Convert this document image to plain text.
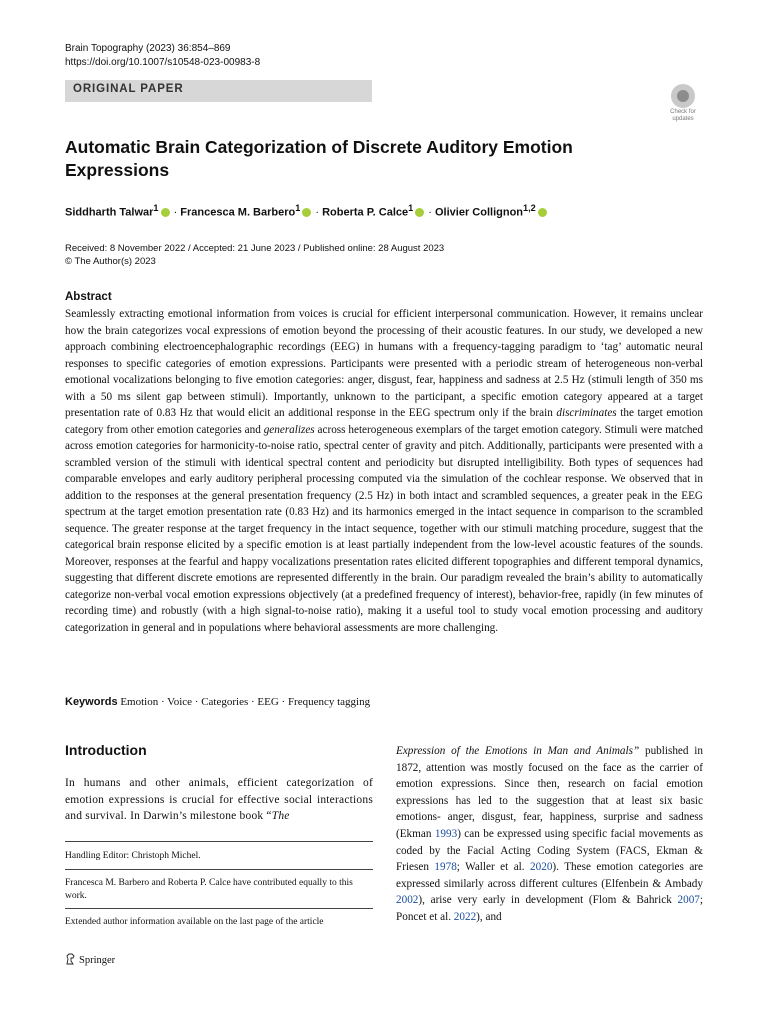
Brain Topography (2023) 36:854–869
https://doi.org/10.1007/s10548-023-00983-8
ORIGINAL PAPER
Check for
updates
Automatic Brain Categorization of Discrete Auditory Emotion Expressions
Siddharth Talwar$^1$ · Francesca M. Barbero$^1$ · Roberta P. Calce$^1$ · Olivier Collignon$^{1,2}$
Received: 8 November 2022 / Accepted: 21 June 2023 / Published online: 28 August 2023
© The Author(s) 2023
Abstract
Seamlessly extracting emotional information from voices is crucial for efficient interpersonal communication. However, it remains unclear how the brain categorizes vocal expressions of emotion beyond the processing of their acoustic features. In our study, we developed a new approach combining electroencephalographic recordings (EEG) in humans with a frequency-tagging paradigm to ‘tag’ automatic neural responses to specific categories of emotion expressions. Participants were presented with a periodic stream of heterogeneous non-verbal emotional vocalizations belonging to five emotion categories: anger, disgust, fear, happiness and sadness at 2.5 Hz (stimuli length of 350 ms with a 50 ms silent gap between stimuli). Importantly, unknown to the participant, a specific emotion category appeared at a target presentation rate of 0.83 Hz that would elicit an additional response in the EEG spectrum only if the brain discriminates the target emotion category from other emotion categories and generalizes across heterogeneous exemplars of the target emotion category. Stimuli were matched across emotion categories for harmonicity-to-noise ratio, spectral center of gravity and pitch. Additionally, participants were presented with a scrambled version of the stimuli with identical spectral content and periodicity but disrupted intelligibility. Both types of sequences had comparable envelopes and early auditory peripheral processing computed via the simulation of the cochlear response. We observed that in addition to the responses at the general presentation frequency (2.5 Hz) in both intact and scrambled sequences, a greater peak in the EEG spectrum at the target emotion presentation rate (0.83 Hz) and its harmonics emerged in the intact sequence in comparison to the scrambled sequence. The greater response at the target frequency in the intact sequence, together with our stimuli matching procedure, suggest that the categorical brain response elicited by a specific emotion is at least partially independent from the low-level acoustic features of the sounds. Moreover, responses at the fearful and happy vocalizations presentation rates elicited different topographies and different temporal dynamics, suggesting that different discrete emotions are represented differently in the brain. Our paradigm revealed the brain’s ability to automatically categorize non-verbal vocal emotion expressions objectively (at a predefined frequency of interest), behavior-free, rapidly (in few minutes of recording time) and robustly (with a high signal-to-noise ratio), making it a useful tool to study vocal emotion processing and auditory categorization in general and in populations where behavioral assessments are more challenging.
Keywords Emotion · Voice · Categories · EEG · Frequency tagging
Introduction
In humans and other animals, efficient categorization of emotion expressions is crucial for effective social interactions and survival. In Darwin’s milestone book “The
Expression of the Emotions in Man and Animals” published in 1872, attention was mostly focused on the face as the carrier of emotion expressions. Since then, research on facial emotion expressions has led to the suggestion that at least six basic emotions- anger, disgust, fear, happiness, surprise and sadness (Ekman 1993) can be expressed using specific facial movements as coded by the Facial Acting Coding System (FACS, Ekman & Friesen 1978; Waller et al. 2020). These emotion categories are expressed similarly across different cultures (Elfenbein & Ambady 2002), arise very early in development (Flom & Bahrick 2007; Poncet et al. 2022), and
Handling Editor: Christoph Michel.
Francesca M. Barbero and Roberta P. Calce have contributed equally to this work.
Extended author information available on the last page of the article
Springer
